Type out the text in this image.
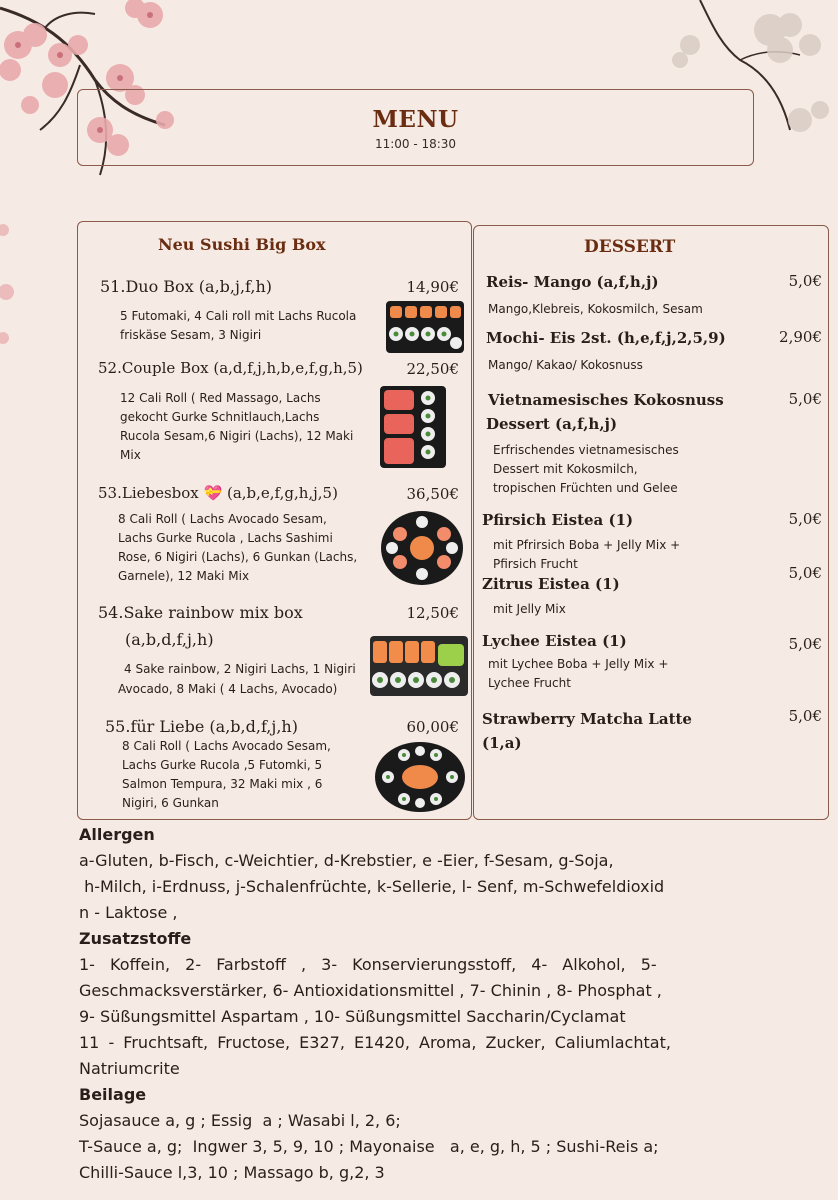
MENU
11:00 - 18:30
Neu Sushi Big Box
51.Duo Box (a,b,j,f,h)	14,90€
5 Futomaki, 4 Cali roll mit Lachs Rucola
friskäse Sesam, 3 Nigiri
52.Couple Box (a,d,f,j,h,b,e,f,g,h,5)	22,50€
12 Cali Roll ( Red Massago, Lachs
gekocht Gurke Schnitlauch,Lachs
Rucola Sesam,6 Nigiri (Lachs), 12 Maki
Mix
53.Liebesbox 💝 (a,b,e,f,g,h,j,5)	36,50€
8 Cali Roll ( Lachs Avocado Sesam,
Lachs Gurke Rucola , Lachs Sashimi
Rose, 6 Nigiri (Lachs), 6 Gunkan (Lachs,
Garnele), 12 Maki Mix
54.Sake rainbow mix box
(a,b,d,f,j,h)
12,50€
4 Sake rainbow, 2 Nigiri Lachs, 1 Nigiri
Avocado, 8 Maki ( 4 Lachs, Avocado)
55.für Liebe (a,b,d,f,j,h)	60,00€
8 Cali Roll ( Lachs Avocado Sesam,
Lachs Gurke Rucola ,5 Futomki, 5
Salmon Tempura, 32 Maki mix , 6
Nigiri, 6 Gunkan
DESSERT
Reis- Mango (a,f,h,j)	5,0€
Mango,Klebreis, Kokosmilch, Sesam
Mochi- Eis 2st. (h,e,f,j,2,5,9)	2,90€
Mango/ Kakao/ Kokosnuss
Vietnamesisches Kokosnuss
Dessert (a,f,h,j)
5,0€
Erfrischendes vietnamesisches
Dessert mit Kokosmilch,
tropischen Früchten und Gelee
Pfirsich Eistea (1)	5,0€
mit Pfrirsich Boba + Jelly Mix +
Pfirsich Frucht
Zitrus Eistea (1)
5,0€
mit Jelly Mix
Lychee Eistea (1)	5,0€
mit Lychee Boba + Jelly Mix +
Lychee Frucht
Strawberry Matcha Latte
(1,a)
5,0€
Allergen
a-Gluten, b-Fisch, c-Weichtier, d-Krebstier, e -Eier, f-Sesam, g-Soja,
h-Milch, i-Erdnuss, j-Schalenfrüchte, k-Sellerie, l- Senf, m-Schwefeldioxid
n - Laktose ,
Zusatzstoffe
1- Koffein, 2- Farbstoff , 3- Konservierungsstoff, 4- Alkohol, 5-
Geschmacksverstärker, 6- Antioxidationsmittel , 7- Chinin , 8- Phosphat ,
9- Süßungsmittel Aspartam , 10- Süßungsmittel Saccharin/Cyclamat
11 - Fruchtsaft, Fructose, E327, E1420, Aroma, Zucker, Caliumlachtat,
Natriumcrite
Beilage
Sojasauce a, g ; Essig  a ; Wasabi l, 2, 6;
T-Sauce a, g;  Ingwer 3, 5, 9, 10 ; Mayonaise   a, e, g, h, 5 ; Sushi-Reis a;
Chilli-Sauce l,3, 10 ; Massago b, g,2, 3
